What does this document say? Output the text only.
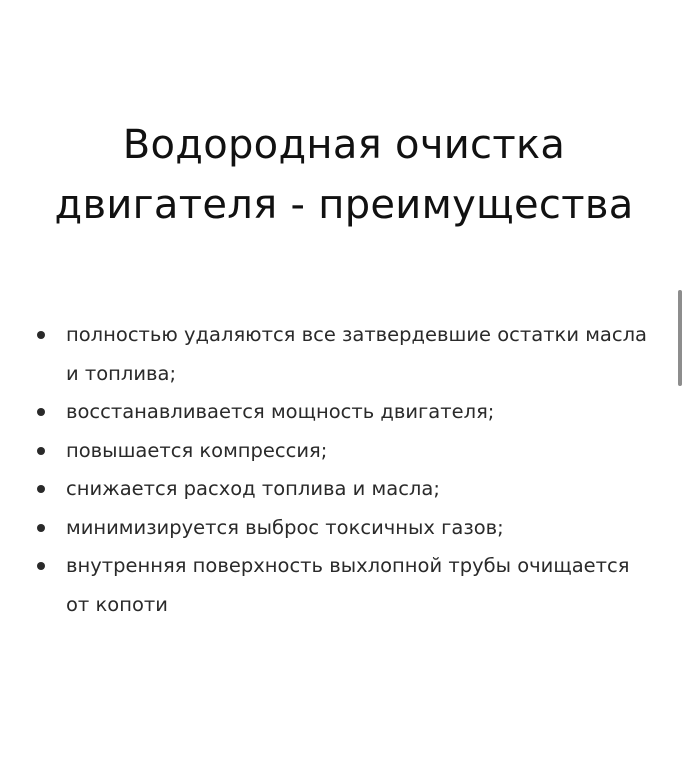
Водородная очистка
двигателя - преимущества
полностью удаляются все затвердевшие остатки масла и топлива;
восстанавливается мощность двигателя;
повышается компрессия;
снижается расход топлива и масла;
минимизируется выброс токсичных газов;
внутренняя поверхность выхлопной трубы очищается от копоти
